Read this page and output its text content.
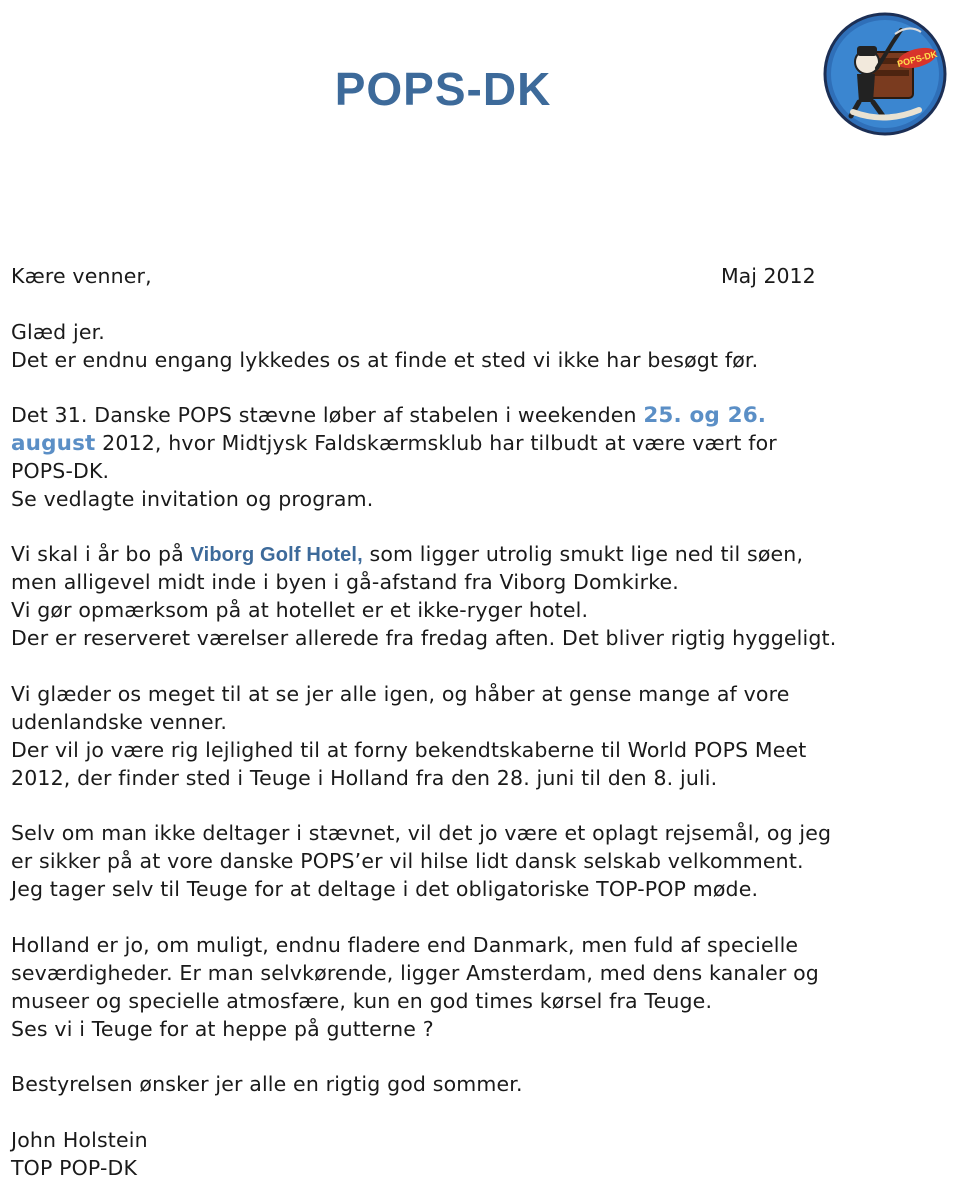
POPS-DK
POPS-DK
Kære venner,	Maj 2012
Glæd jer.
Det er endnu engang lykkedes os at finde et sted vi ikke har besøgt før.
Det 31. Danske POPS stævne løber af stabelen i weekenden 25. og 26.
august 2012, hvor Midtjysk Faldskærmsklub har tilbudt at være vært for
POPS-DK.
Se vedlagte invitation og program.
Vi skal i år bo på Viborg Golf Hotel, som ligger utrolig smukt lige ned til søen,
men alligevel midt inde i byen i gå-afstand fra Viborg Domkirke.
Vi gør opmærksom på at hotellet er et ikke-ryger hotel.
Der er reserveret værelser allerede fra fredag aften. Det bliver rigtig hyggeligt.
Vi glæder os meget til at se jer alle igen, og håber at gense mange af vore
udenlandske venner.
Der vil jo være rig lejlighed til at forny bekendtskaberne til World POPS Meet
2012, der finder sted i Teuge i Holland fra den 28. juni til den 8. juli.
Selv om man ikke deltager i stævnet, vil det jo være et oplagt rejsemål, og jeg
er sikker på at vore danske POPS’er vil hilse lidt dansk selskab velkomment.
Jeg tager selv til Teuge for at deltage i det obligatoriske TOP-POP møde.
Holland er jo, om muligt, endnu fladere end Danmark, men fuld af specielle
seværdigheder. Er man selvkørende, ligger Amsterdam, med dens kanaler og
museer og specielle atmosfære, kun en god times kørsel fra Teuge.
Ses vi i Teuge for at heppe på gutterne ?
Bestyrelsen ønsker jer alle en rigtig god sommer.
John Holstein
TOP POP-DK
